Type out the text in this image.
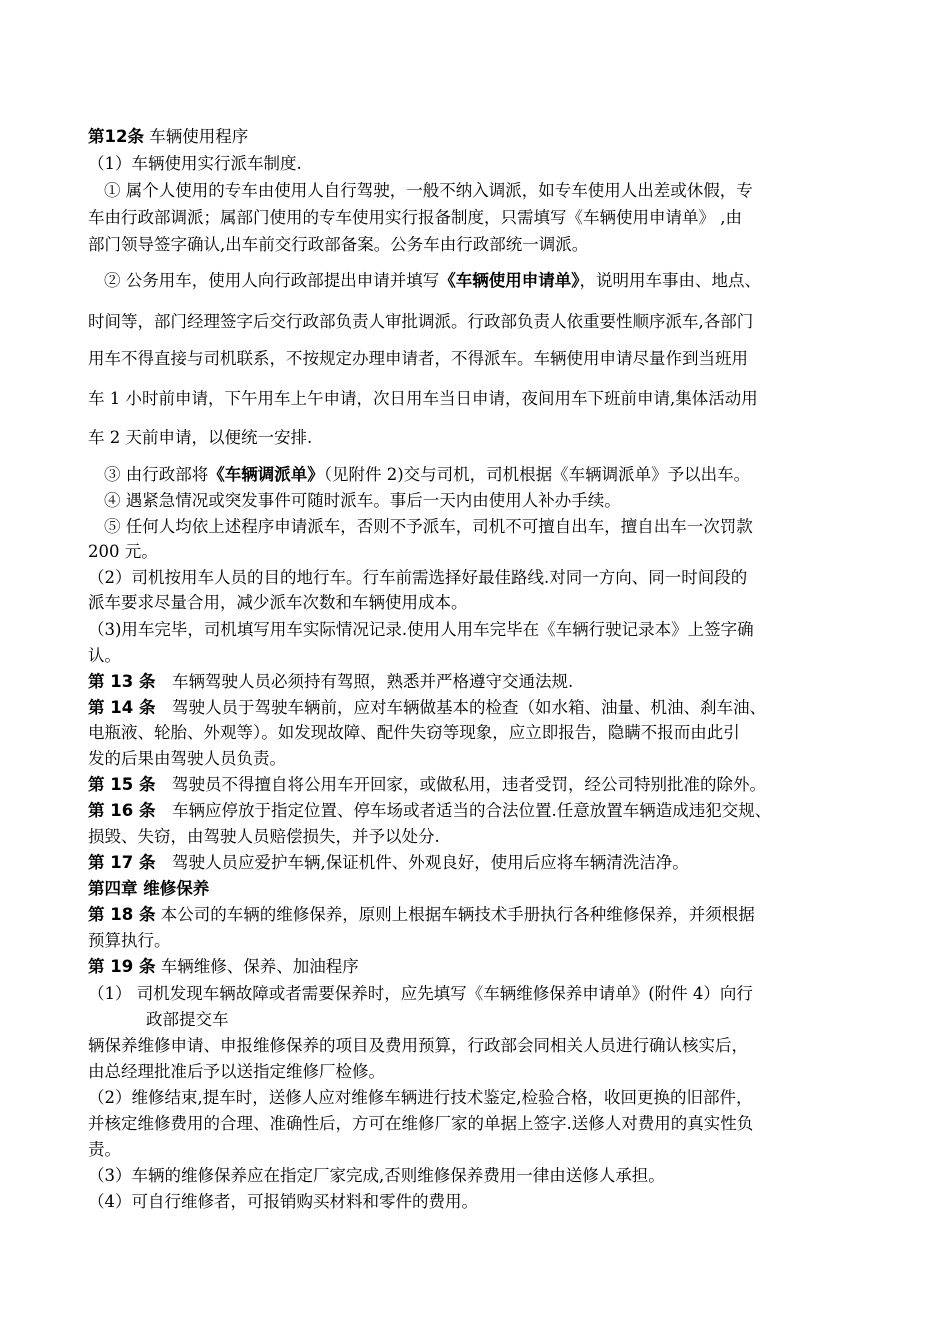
第12条 车辆使用程序
（1）车辆使用实行派车制度.
① 属个人使用的专车由使用人自行驾驶，一般不纳入调派，如专车使用人出差或休假，专
车由行政部调派；属部门使用的专车使用实行报备制度，只需填写《车辆使用申请单》 ,由
部门领导签字确认,出车前交行政部备案。公务车由行政部统一调派。
② 公务用车，使用人向行政部提出申请并填写《车辆使用申请单》，说明用车事由、地点、
时间等，部门经理签字后交行政部负责人审批调派。行政部负责人依重要性顺序派车,各部门
用车不得直接与司机联系，不按规定办理申请者，不得派车。车辆使用申请尽量作到当班用
车 1 小时前申请，下午用车上午申请，次日用车当日申请，夜间用车下班前申请,集体活动用
车 2 天前申请，以便统一安排.
③ 由行政部将《车辆调派单》（见附件 2)交与司机，司机根据《车辆调派单》予以出车。
④ 遇紧急情况或突发事件可随时派车。事后一天内由使用人补办手续。
⑤ 任何人均依上述程序申请派车，否则不予派车，司机不可擅自出车，擅自出车一次罚款
200 元。
（2）司机按用车人员的目的地行车。行车前需选择好最佳路线.对同一方向、同一时间段的
派车要求尽量合用，减少派车次数和车辆使用成本。
（3)用车完毕，司机填写用车实际情况记录.使用人用车完毕在《车辆行驶记录本》上签字确
认。
第 13 条　车辆驾驶人员必须持有驾照，熟悉并严格遵守交通法规.
第 14 条　驾驶人员于驾驶车辆前，应对车辆做基本的检查（如水箱、油量、机油、刹车油、
电瓶液、轮胎、外观等）。如发现故障、配件失窃等现象，应立即报告，隐瞒不报而由此引
发的后果由驾驶人员负责。
第 15 条　驾驶员不得擅自将公用车开回家，或做私用，违者受罚，经公司特别批准的除外。
第 16 条　车辆应停放于指定位置、停车场或者适当的合法位置.任意放置车辆造成违犯交规、
损毁、失窃，由驾驶人员赔偿损失，并予以处分.
第 17 条　驾驶人员应爱护车辆,保证机件、外观良好，使用后应将车辆清洗洁净。
第四章 维修保养
第 18 条 本公司的车辆的维修保养，原则上根据车辆技术手册执行各种维修保养，并须根据
预算执行。
第 19 条 车辆维修、保养、加油程序
（1） 司机发现车辆故障或者需要保养时，应先填写《车辆维修保养申请单》(附件 4）向行
政部提交车
辆保养维修申请、申报维修保养的项目及费用预算，行政部会同相关人员进行确认核实后，
由总经理批准后予以送指定维修厂检修。
（2）维修结束,提车时，送修人应对维修车辆进行技术鉴定,检验合格，收回更换的旧部件，
并核定维修费用的合理、准确性后，方可在维修厂家的单据上签字.送修人对费用的真实性负
责。
（3）车辆的维修保养应在指定厂家完成,否则维修保养费用一律由送修人承担。
（4）可自行维修者，可报销购买材料和零件的费用。
